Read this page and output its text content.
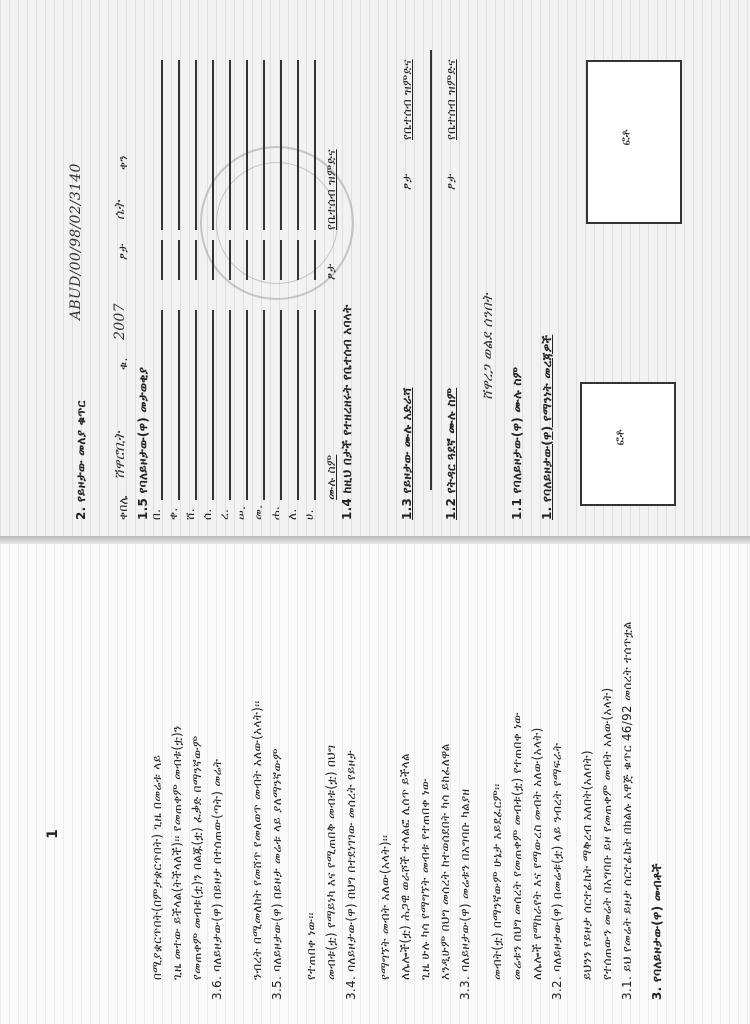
ፎቶ
ፎቶ
1. የባለይዞታው(ዋ) የማንነት መረጃዎች
1.1 የባለይዞታው(ዋ) ሙሉ ስም
ሸዋረጋ ወልደ ሰንበት
1.2 የትዳር ጓደኛ ሙሉ ስም
ፆታ
የቤተሰብ ዝምድና
1.3 የይዞታው ሙሉ አድራሻ
ፆታ
የቤተሰብ ዝምድና
1.4 ከዚህ በታች የተዘረዘሩት የቤተሰብ አባላት
ሙሉ ስም
ፆታ
የቤተሰብ ዝምድና
ሀ.
ለ.
ሐ.
መ.
ሠ.
ረ.
ሰ.
ሸ.
ቀ.
በ.
1.5 የባለይዞታው(ዋ) መታወቂያ
ቀበሌ
ሽዋሮቢት
ቁ.
2007
ፆታ
ሴት
ቀን
2. የይዞታው መለያ ቁጥር
ABUD/00/98/02/3140
3. የባለይዞታው(ዋ) መብቶች
3.1. ይህ የመሬት ይዞታ ሰርተፊኬት በክልሉ አዋጅ ቁጥር 46/92 መሰረት ተሰጥቷል
የተሰጠውን መሬት በአግባቡ ይዞ የመጠቀም መብት አለው(አላት)
ይህንን የይዞታ ሰርተፊኬት ማቅረብ አለበት(አለባት)
3.2. ባለይዞታው(ዋ) በመሬቱ(ቷ) ላይ ንብረት የማፍራት
ለሌሎች የማከራየት እና የማውረስ መብት አለው(አላት)
መሬቱን በህግ መሰረት የመጠቀም መብቱ(ቷ) የተጠበቀ ነው
መብት(ቷ) በማንኛውም ሁኔታ አይደፈርም፡፡
3.3. ባለይዞታው(ዋ) መሬቱን በአግባቡ ካልያዘ
እንዲሁም በህግ መሰረት ከተወሰደበት ካሳ ይከፈለዋል
ጊዜ ሁሉ ካሳ የማግኘት መብቱ የተጠበቀ ነው
ለሌሎች(ቷ) ሕጋዊ ወራሾች ተላልፎ ሊሰጥ ይችላል
የማግኘት መብት አለው(አላት)፡፡
3.4. ባለይዞታው(ዋ) በህግ በተደነገገው መሰረት የይዞታ
መብቱ(ቷ) የማይነካ እና የሚጠበቅ መብቱ(ቷ) በህግ
የተጠበቀ ነው፡፡
3.5. ባለይዞታው(ዋ) በይዞታ መሬቱ ላይ ያለማንኛውም
ንብረት በሚመለከት የመሸጥ የመለወጥ መብት አለው(አላት)፡፡
3.6. ባለይዞታው(ዋ) በይዞታ በተሰጠው(ጣት) መሬት
የመጠቀም መብቱ(ቷ)ን በልጁ(ቷ) ፈቃድ በማንኛውም
ጊዜ መተው ይችላል(ትችላለች)፡፡ የመጠቀም መብቱ(ቷ)ን
በሚያቋርጥበት(በምታቋርጥበት) ጊዜ በመሬቱ ላይ
1
